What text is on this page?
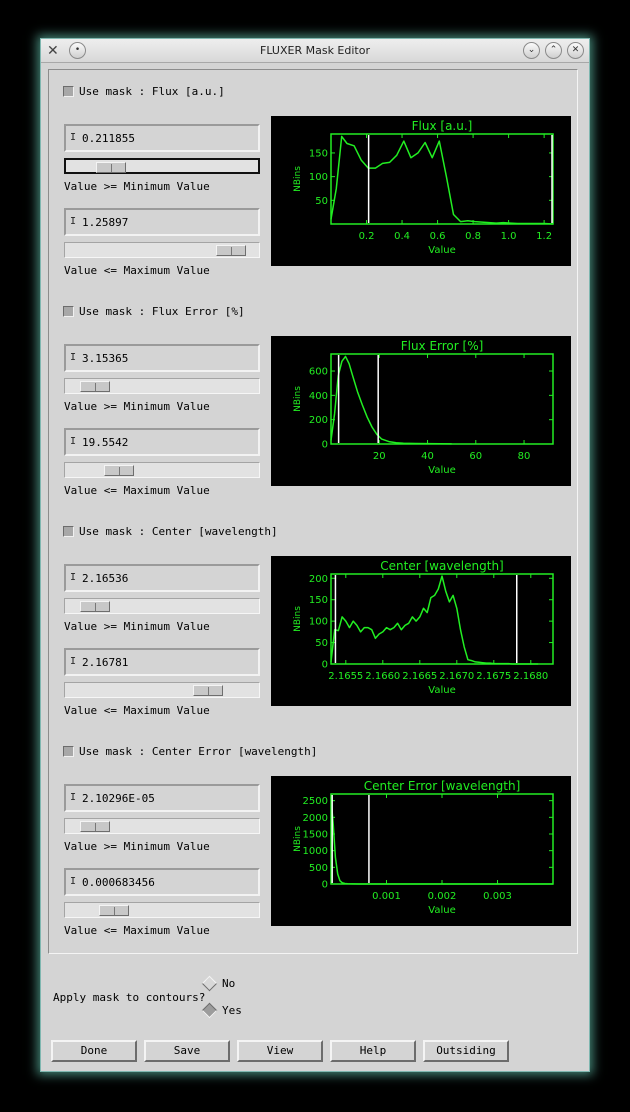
✕	•	FLUXER Mask Editor	⌄	⌃	✕
Apply mask to contours?
No
Yes
Done	Save	View	Help	Outsiding
Use mask : Flux [a.u.]
I 0.211855
Value >= Minimum Value
I 1.25897
Value <= Maximum Value
Flux [a.u.]
NBins
Value
0.2 0.4 0.6 0.8 1.0 1.2
50
100
150
Use mask : Flux Error [%]
I 3.15365
Value >= Minimum Value
I 19.5542
Value <= Maximum Value
Flux Error [%]
NBins
Value
20	40	60	80
0
200
400
600
Use mask : Center [wavelength]
I 2.16536
Value >= Minimum Value
I 2.16781
Value <= Maximum Value
Center [wavelength]
NBins
Value
2.1655 2.1660 2.1665 2.1670 2.1675 2.1680
0
50
100
150
200
Use mask : Center Error [wavelength]
I 2.10296E-05
Value >= Minimum Value
I 0.000683456
Value <= Maximum Value
Center Error [wavelength]
NBins
Value
0.001	0.002	0.003
0
500
1000
1500
2000
2500
